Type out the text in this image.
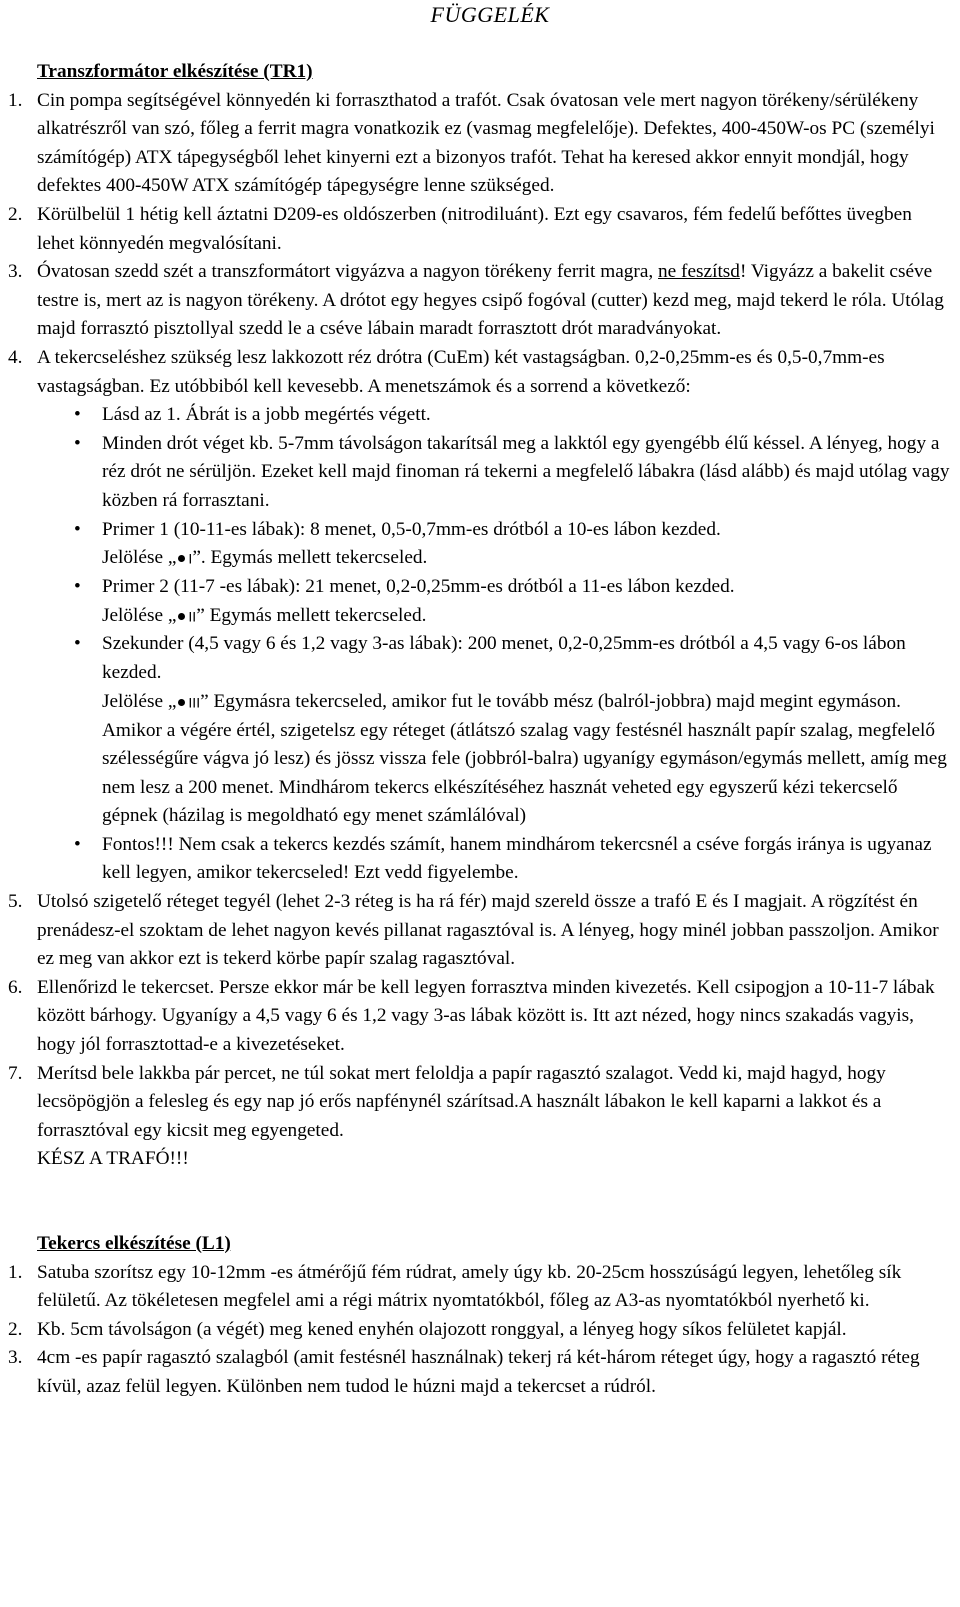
FÜGGELÉK
Transzformátor elkészítése (TR1)
1. Cin pompa segítségével könnyedén ki forraszthatod a trafót. Csak óvatosan vele mert nagyon törékeny/sérülékeny alkatrészről van szó, főleg a ferrit magra vonatkozik ez (vasmag megfelelője). Defektes, 400-450W-os PC (személyi számítógép) ATX tápegységből lehet kinyerni ezt a bizonyos trafót. Tehat ha keresed akkor ennyit mondjál, hogy defektes 400-450W ATX számítógép tápegységre lenne szükséged.
2. Körülbelül 1 hétig kell áztatni D209-es oldószerben (nitrodiluánt). Ezt egy csavaros, fém fedelű befőttes üvegben lehet könnyedén megvalósítani.
3. Óvatosan szedd szét a transzformátort vigyázva a nagyon törékeny ferrit magra, ne feszítsd! Vigyázz a bakelit cséve testre is, mert az is nagyon törékeny. A drótot egy hegyes csipő fogóval (cutter) kezd meg, majd tekerd le róla. Utólag majd forrasztó pisztollyal szedd le a cséve lábain maradt forrasztott drót maradványokat.
4. A tekercseléshez szükség lesz lakkozott réz drótra (CuEm) két vastagságban. 0,2-0,25mm-es és 0,5-0,7mm-es vastagságban. Ez utóbbiból kell kevesebb. A menetszámok és a sorrend a következő:
• Lásd az 1. Ábrát is a jobb megértés végett.
• Minden drót véget kb. 5-7mm távolságon takarítsál meg a lakktól egy gyengébb élű késsel. A lényeg, hogy a réz drót ne sérüljön. Ezeket kell majd finoman rá tekerni a megfelelő lábakra (lásd alább) és majd utólag vagy közben rá forrasztani.
• Primer 1 (10-11-es lábak): 8 menet, 0,5-0,7mm-es drótból a 10-es lábon kezded.
Jelölése „ I”. Egymás mellett tekercseled.
• Primer 2 (11-7 -es lábak): 21 menet, 0,2-0,25mm-es drótból a 11-es lábon kezded.
Jelölése „ II” Egymás mellett tekercseled.
• Szekunder (4,5 vagy 6 és 1,2 vagy 3-as lábak): 200 menet, 0,2-0,25mm-es drótból a 4,5 vagy 6-os lábon kezded.
Jelölése „ III” Egymásra tekercseled, amikor fut le tovább mész (balról-jobbra) majd megint egymáson. Amikor a végére értél, szigetelsz egy réteget (átlátszó szalag vagy festésnél használt papír szalag, megfelelő szélességűre vágva jó lesz) és jössz vissza fele (jobbról-balra) ugyanígy egymáson/egymás mellett, amíg meg nem lesz a 200 menet. Mindhárom tekercs elkészítéséhez hasznát veheted egy egyszerű kézi tekercselő gépnek (házilag is megoldható egy menet számlálóval)
• Fontos!!! Nem csak a tekercs kezdés számít, hanem mindhárom tekercsnél a cséve forgás iránya is ugyanaz kell legyen, amikor tekercseled! Ezt vedd figyelembe.
5. Utolsó szigetelő réteget tegyél (lehet 2-3 réteg is ha rá fér) majd szereld össze a trafó E és I magjait. A rögzítést én prenádesz-el szoktam de lehet nagyon kevés pillanat ragasztóval is. A lényeg, hogy minél jobban passzoljon. Amikor ez meg van akkor ezt is tekerd körbe papír szalag ragasztóval.
6. Ellenőrizd le tekercset. Persze ekkor már be kell legyen forrasztva minden kivezetés. Kell csipogjon a 10-11-7 lábak között bárhogy. Ugyanígy a 4,5 vagy 6 és 1,2 vagy 3-as lábak között is. Itt azt nézed, hogy nincs szakadás vagyis, hogy jól forrasztottad-e a kivezetéseket.
7. Merítsd bele lakkba pár percet, ne túl sokat mert feloldja a papír ragasztó szalagot. Vedd ki, majd hagyd, hogy lecsöpögjön a felesleg és egy nap jó erős napfénynél szárítsad.A használt lábakon le kell kaparni a lakkot és a forrasztóval egy kicsit meg egyengeted.
KÉSZ A TRAFÓ!!!
Tekercs elkészítése (L1)
1. Satuba szorítsz egy 10-12mm -es átmérőjű fém rúdrat, amely úgy kb. 20-25cm hosszúságú legyen, lehetőleg sík felületű. Az tökéletesen megfelel ami a régi mátrix nyomtatókból, főleg az A3-as nyomtatókból nyerhető ki.
2. Kb. 5cm távolságon (a végét) meg kened enyhén olajozott ronggyal, a lényeg hogy síkos felületet kapjál.
3. 4cm -es papír ragasztó szalagból (amit festésnél használnak) tekerj rá két-három réteget úgy, hogy a ragasztó réteg kívül, azaz felül legyen. Különben nem tudod le húzni majd a tekercset a rúdról.
